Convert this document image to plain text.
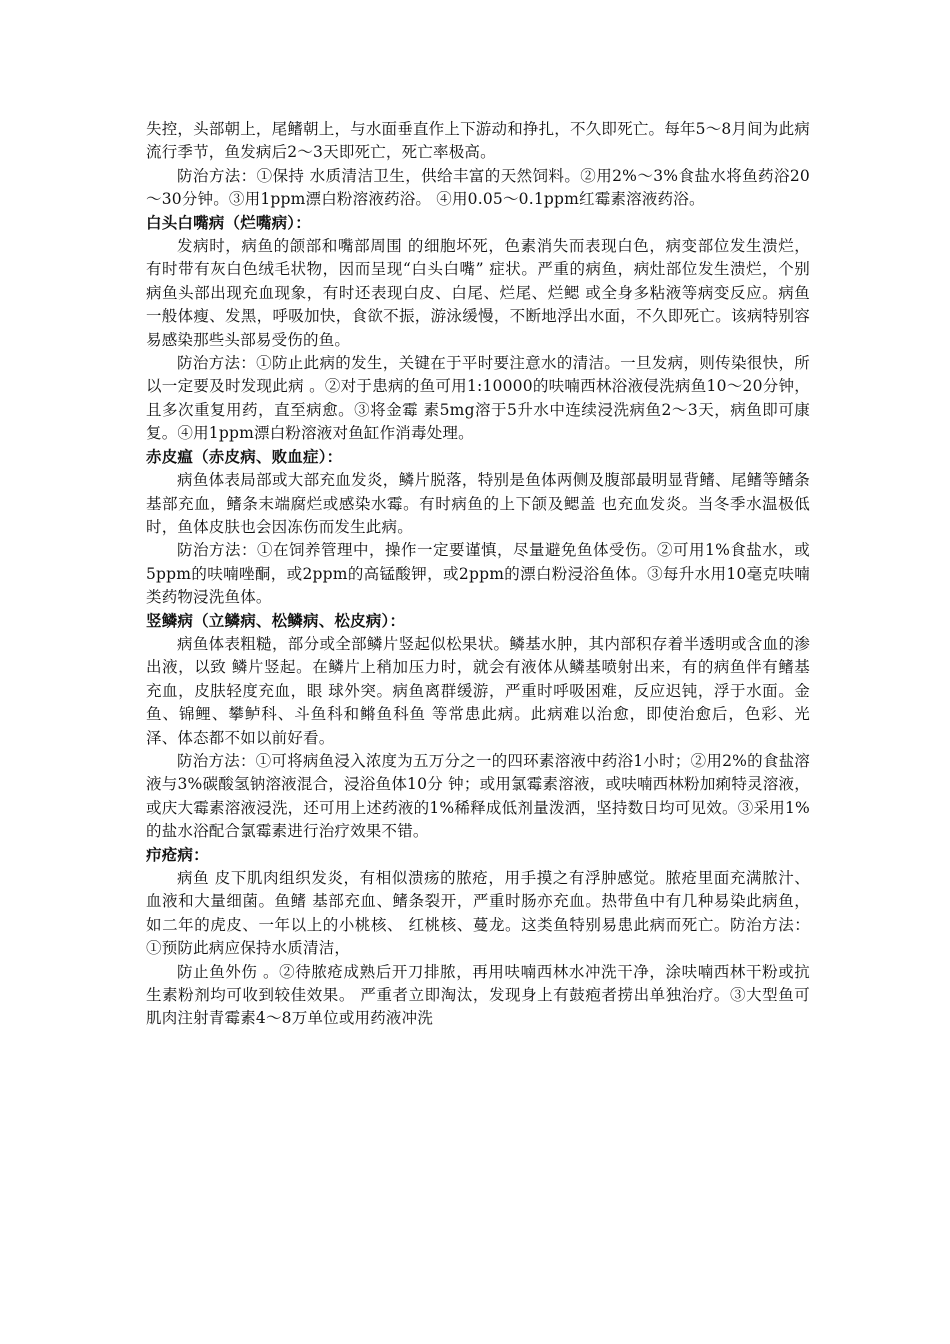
失控，头部朝上，尾鳍朝上，与水面垂直作上下游动和挣扎，不久即死亡。每年5～8月间为此病流行季节，鱼发病后2～3天即死亡，死亡率极高。

防治方法：①保持 水质清洁卫生，供给丰富的天然饲料。②用2%～3%食盐水将鱼药浴20～30分钟。③用1ppm漂白粉溶液药浴。 ④用0.05～0.1ppm红霉素溶液药浴。

白头白嘴病（烂嘴病）：

发病时，病鱼的颌部和嘴部周围 的细胞坏死，色素消失而表现白色，病变部位发生溃烂，有时带有灰白色绒毛状物，因而呈现“白头白嘴” 症状。严重的病鱼，病灶部位发生溃烂，个别病鱼头部出现充血现象，有时还表现白皮、白尾、烂尾、烂鳃 或全身多粘液等病变反应。病鱼一般体瘦、发黑，呼吸加快，食欲不振，游泳缓慢，不断地浮出水面，不久即死亡。该病特别容易感染那些头部易受伤的鱼。

防治方法：①防止此病的发生，关键在于平时要注意水的清洁。一旦发病，则传染很快，所以一定要及时发现此病 。②对于患病的鱼可用1:10000的呋喃西林浴液侵洗病鱼10～20分钟，且多次重复用药，直至病愈。③将金霉 素5mg溶于5升水中连续浸洗病鱼2～3天，病鱼即可康复。④用1ppm漂白粉溶液对鱼缸作消毒处理。

赤皮瘟（赤皮病、败血症）：

病鱼体表局部或大部充血发炎，鳞片脱落，特别是鱼体两侧及腹部最明显背鳍、尾鳍等鳍条基部充血，鳍条末端腐烂或感染水霉。有时病鱼的上下颌及鳃盖 也充血发炎。当冬季水温极低时，鱼体皮肤也会因冻伤而发生此病。

防治方法：①在饲养管理中，操作一定要谨慎，尽量避免鱼体受伤。②可用1%食盐水，或5ppm的呋喃唑酮，或2ppm的高锰酸钾，或2ppm的漂白粉浸浴鱼体。③每升水用10毫克呋喃类药物浸洗鱼体。

竖鳞病（立鳞病、松鳞病、松皮病）：

病鱼体表粗糙，部分或全部鳞片竖起似松果状。鳞基水肿，其内部积存着半透明或含血的渗出液，以致 鳞片竖起。在鳞片上稍加压力时，就会有液体从鳞基喷射出来，有的病鱼伴有鳍基充血，皮肤轻度充血，眼 球外突。病鱼离群缓游，严重时呼吸困难，反应迟钝，浮于水面。金鱼、锦鲤、攀鲈科、斗鱼科和鳉鱼科鱼 等常患此病。此病难以治愈，即使治愈后，色彩、光泽、体态都不如以前好看。

防治方法：①可将病鱼浸入浓度为五万分之一的四环素溶液中药浴1小时；②用2%的食盐溶液与3%碳酸氢钠溶液混合，浸浴鱼体10分 钟；或用氯霉素溶液，或呋喃西林粉加痢特灵溶液，或庆大霉素溶液浸洗，还可用上述药液的1%稀释成低剂量泼洒，坚持数日均可见效。③采用1%的盐水浴配合氯霉素进行治疗效果不错。

疖疮病：

病鱼 皮下肌肉组织发炎，有相似溃疡的脓疮，用手摸之有浮肿感觉。脓疮里面充满脓汁、血液和大量细菌。鱼鳍 基部充血、鳍条裂开，严重时肠亦充血。热带鱼中有几种易染此病鱼，如二年的虎皮、一年以上的小桃核、 红桃核、蔓龙。这类鱼特别易患此病而死亡。防治方法：①预防此病应保持水质清洁，

防止鱼外伤 。②待脓疮成熟后开刀排脓，再用呋喃西林水冲洗干净，涂呋喃西林干粉或抗生素粉剂均可收到较佳效果。 严重者立即淘汰，发现身上有鼓疱者捞出单独治疗。③大型鱼可肌肉注射青霉素4～8万单位或用药液冲洗
